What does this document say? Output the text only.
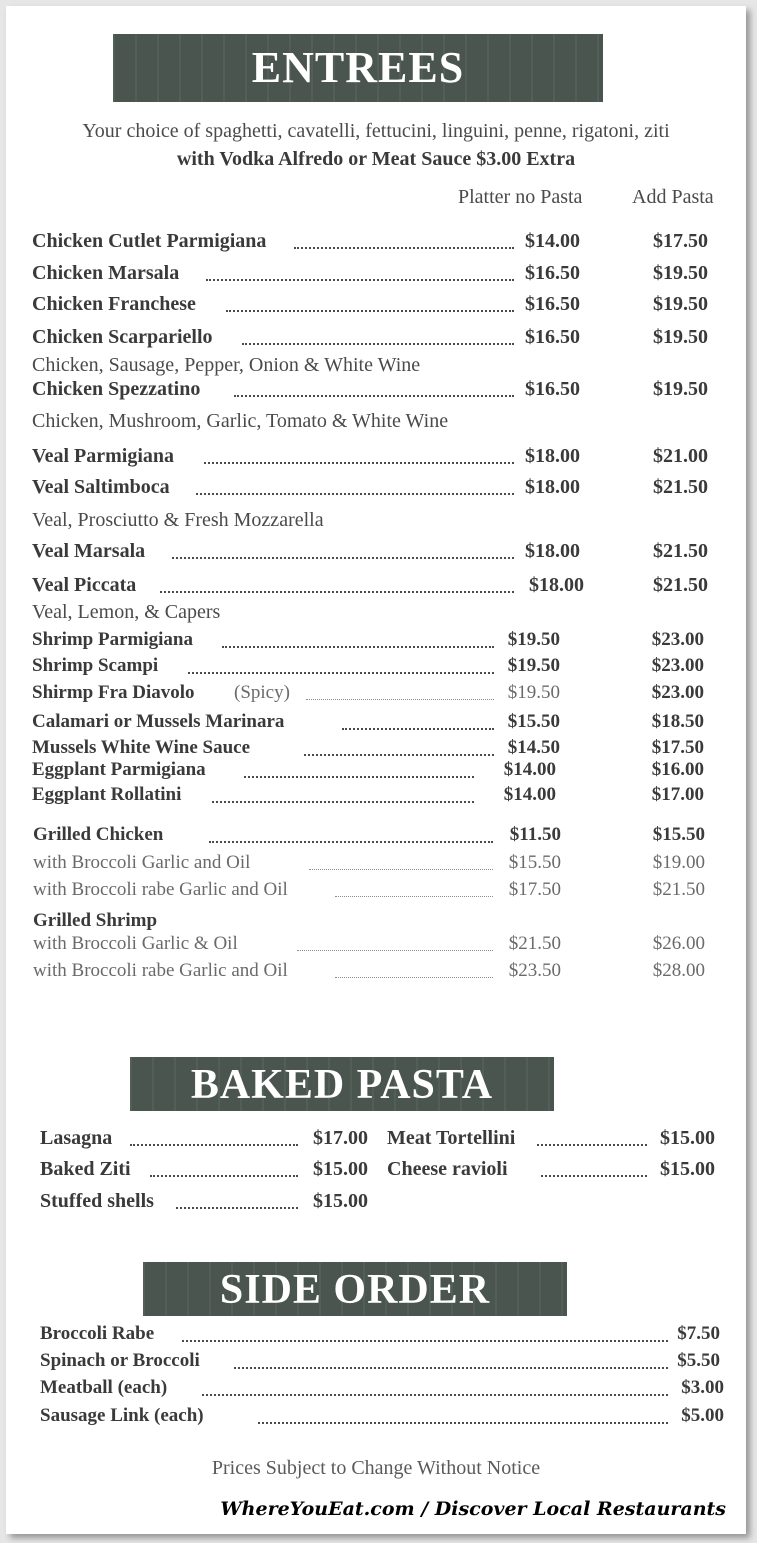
ENTREES
Your choice of spaghetti, cavatelli, fettucini, linguini, penne, rigatoni, ziti
with Vodka Alfredo or Meat Sauce $3.00 Extra
Platter no Pasta Add Pasta
Chicken Cutlet Parmigiana	$14.00	$17.50
Chicken Marsala	$16.50	$19.50
Chicken Franchese	$16.50	$19.50
Chicken Scarpariello	$16.50	$19.50
Chicken, Sausage, Pepper, Onion & White Wine
Chicken Spezzatino	$16.50	$19.50
Chicken, Mushroom, Garlic, Tomato & White Wine
Veal Parmigiana	$18.00	$21.00
Veal Saltimboca	$18.00	$21.50
Veal, Prosciutto & Fresh Mozzarella
Veal Marsala	$18.00	$21.50
Veal Piccata	$18.00	$21.50
Veal, Lemon, & Capers
Shrimp Parmigiana	$19.50	$23.00
Shrimp Scampi	$19.50	$23.00
Shirmp Fra Diavolo (Spicy)	$19.50	$23.00
Calamari or Mussels Marinara	$15.50	$18.50
Mussels White Wine Sauce	$14.50	$17.50
Eggplant Parmigiana	$14.00	$16.00
Eggplant Rollatini	$14.00	$17.00
Grilled Chicken	$11.50	$15.50
with Broccoli Garlic and Oil	$15.50	$19.00
with Broccoli rabe Garlic and Oil	$17.50	$21.50
Grilled Shrimp
with Broccoli Garlic & Oil	$21.50	$26.00
with Broccoli rabe Garlic and Oil	$23.50	$28.00
BAKED PASTA
Lasagna	$17.00 Meat Tortellini	$15.00
Baked Ziti	$15.00 Cheese ravioli	$15.00
Stuffed shells	$15.00
SIDE ORDER
Broccoli Rabe	$7.50
Spinach or Broccoli	$5.50
Meatball (each)	$3.00
Sausage Link (each)	$5.00
Prices Subject to Change Without Notice
WhereYouEat.com / Discover Local Restaurants
